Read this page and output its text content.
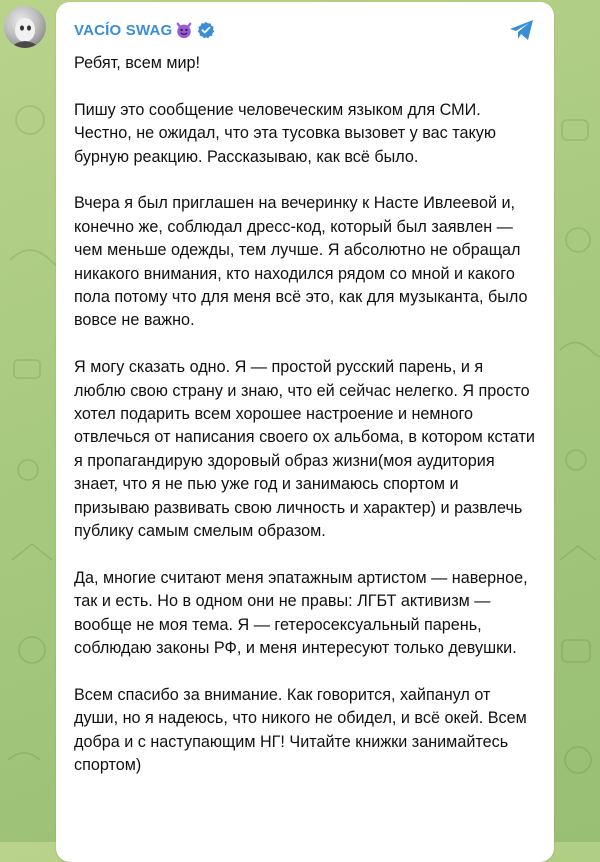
VACÍO SWAG

Ребят, всем мир!

Пишу это сообщение человеческим языком для СМИ. Честно, не ожидал, что эта тусовка вызовет у вас такую бурную реакцию. Рассказываю, как всё было.

Вчера я был приглашен на вечеринку к Насте Ивлеевой и, конечно же, соблюдал дресс-код, который был заявлен — чем меньше одежды, тем лучше. Я абсолютно не обращал никакого внимания, кто находился рядом со мной и какого пола потому что для меня всё это, как для музыканта, было вовсе не важно.

Я могу сказать одно. Я — простой русский парень, и я люблю свою страну и знаю, что ей сейчас нелегко. Я просто хотел подарить всем хорошее настроение и немного отвлечься от написания своего ох альбома, в котором кстати я пропагандирую здоровый образ жизни(моя аудитория знает, что я не пью уже год и занимаюсь спортом и призываю развивать свою личность и характер) и развлечь публику самым смелым образом.

Да, многие считают меня эпатажным артистом — наверное, так и есть. Но в одном они не правы: ЛГБТ активизм — вообще не моя тема. Я — гетеросексуальный парень, соблюдаю законы РФ, и меня интересуют только девушки.

Всем спасибо за внимание. Как говорится, хайпанул от души, но я надеюсь, что никого не обидел, и всё окей. Всем добра и с наступающим НГ! Читайте книжки занимайтесь спортом)
